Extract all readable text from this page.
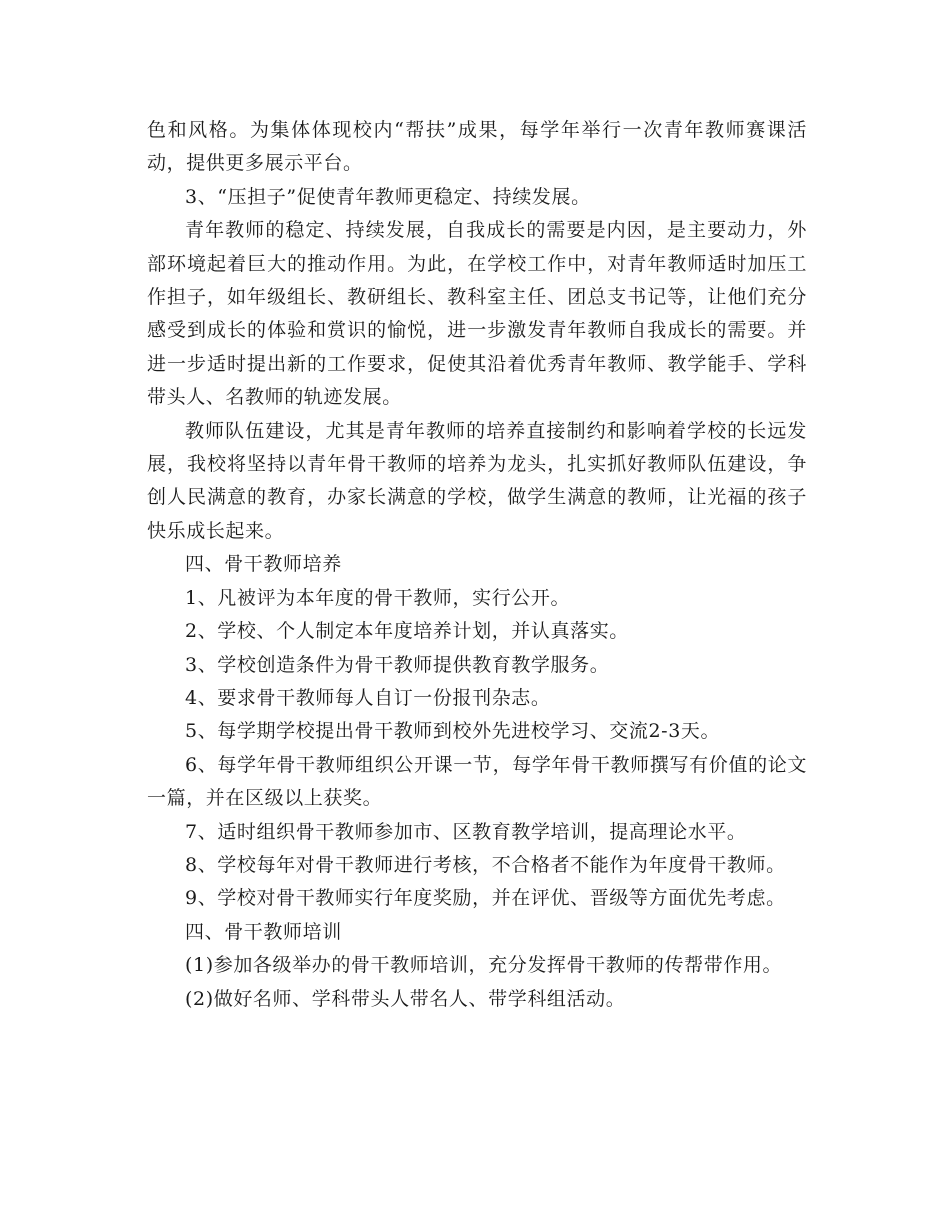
色和风格。为集体体现校内“帮扶”成果，每学年举行一次青年教师赛课活动，提供更多展示平台。

3、“压担子”促使青年教师更稳定、持续发展。

青年教师的稳定、持续发展，自我成长的需要是内因，是主要动力，外部环境起着巨大的推动作用。为此，在学校工作中，对青年教师适时加压工作担子，如年级组长、教研组长、教科室主任、团总支书记等，让他们充分感受到成长的体验和赏识的愉悦，进一步激发青年教师自我成长的需要。并进一步适时提出新的工作要求，促使其沿着优秀青年教师、教学能手、学科带头人、名教师的轨迹发展。

教师队伍建设，尤其是青年教师的培养直接制约和影响着学校的长远发展，我校将坚持以青年骨干教师的培养为龙头，扎实抓好教师队伍建设，争创人民满意的教育，办家长满意的学校，做学生满意的教师，让光福的孩子快乐成长起来。

四、骨干教师培养

1、凡被评为本年度的骨干教师，实行公开。

2、学校、个人制定本年度培养计划，并认真落实。

3、学校创造条件为骨干教师提供教育教学服务。

4、要求骨干教师每人自订一份报刊杂志。

5、每学期学校提出骨干教师到校外先进校学习、交流2-3天。

6、每学年骨干教师组织公开课一节，每学年骨干教师撰写有价值的论文一篇，并在区级以上获奖。

7、适时组织骨干教师参加市、区教育教学培训，提高理论水平。

8、学校每年对骨干教师进行考核，不合格者不能作为年度骨干教师。

9、学校对骨干教师实行年度奖励，并在评优、晋级等方面优先考虑。

四、骨干教师培训

(1)参加各级举办的骨干教师培训，充分发挥骨干教师的传帮带作用。

(2)做好名师、学科带头人带名人、带学科组活动。
